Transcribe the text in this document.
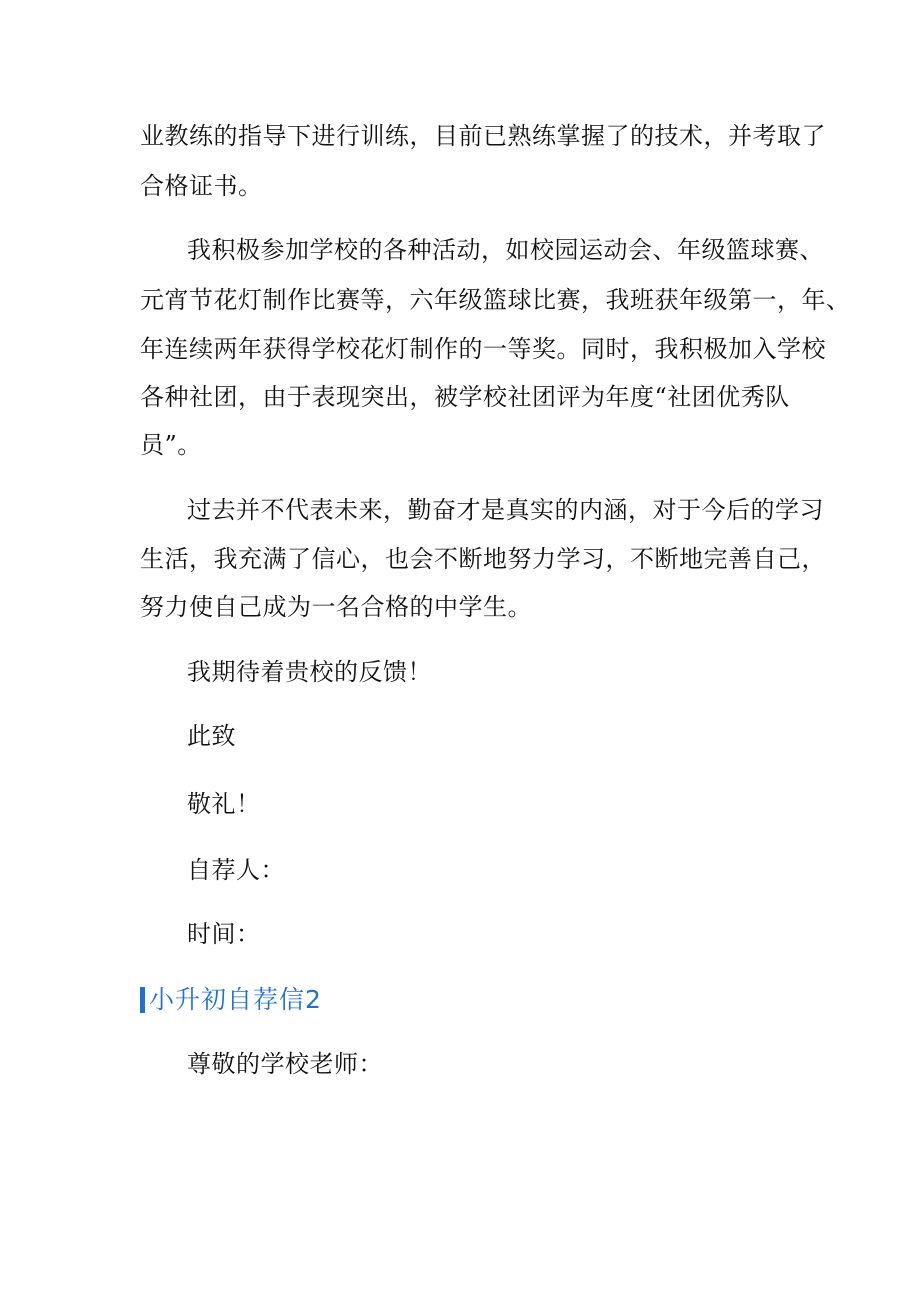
业教练的指导下进行训练，目前已熟练掌握了的技术，并考取了
合格证书。
我积极参加学校的各种活动，如校园运动会、年级篮球赛、
元宵节花灯制作比赛等，六年级篮球比赛，我班获年级第一，年、
年连续两年获得学校花灯制作的一等奖。同时，我积极加入学校
各种社团，由于表现突出，被学校社团评为年度“社团优秀队
员”。
过去并不代表未来，勤奋才是真实的内涵，对于今后的学习
生活，我充满了信心，也会不断地努力学习，不断地完善自己，
努力使自己成为一名合格的中学生。
我期待着贵校的反馈！
此致
敬礼！
自荐人：
时间：
小升初自荐信2
尊敬的学校老师：
